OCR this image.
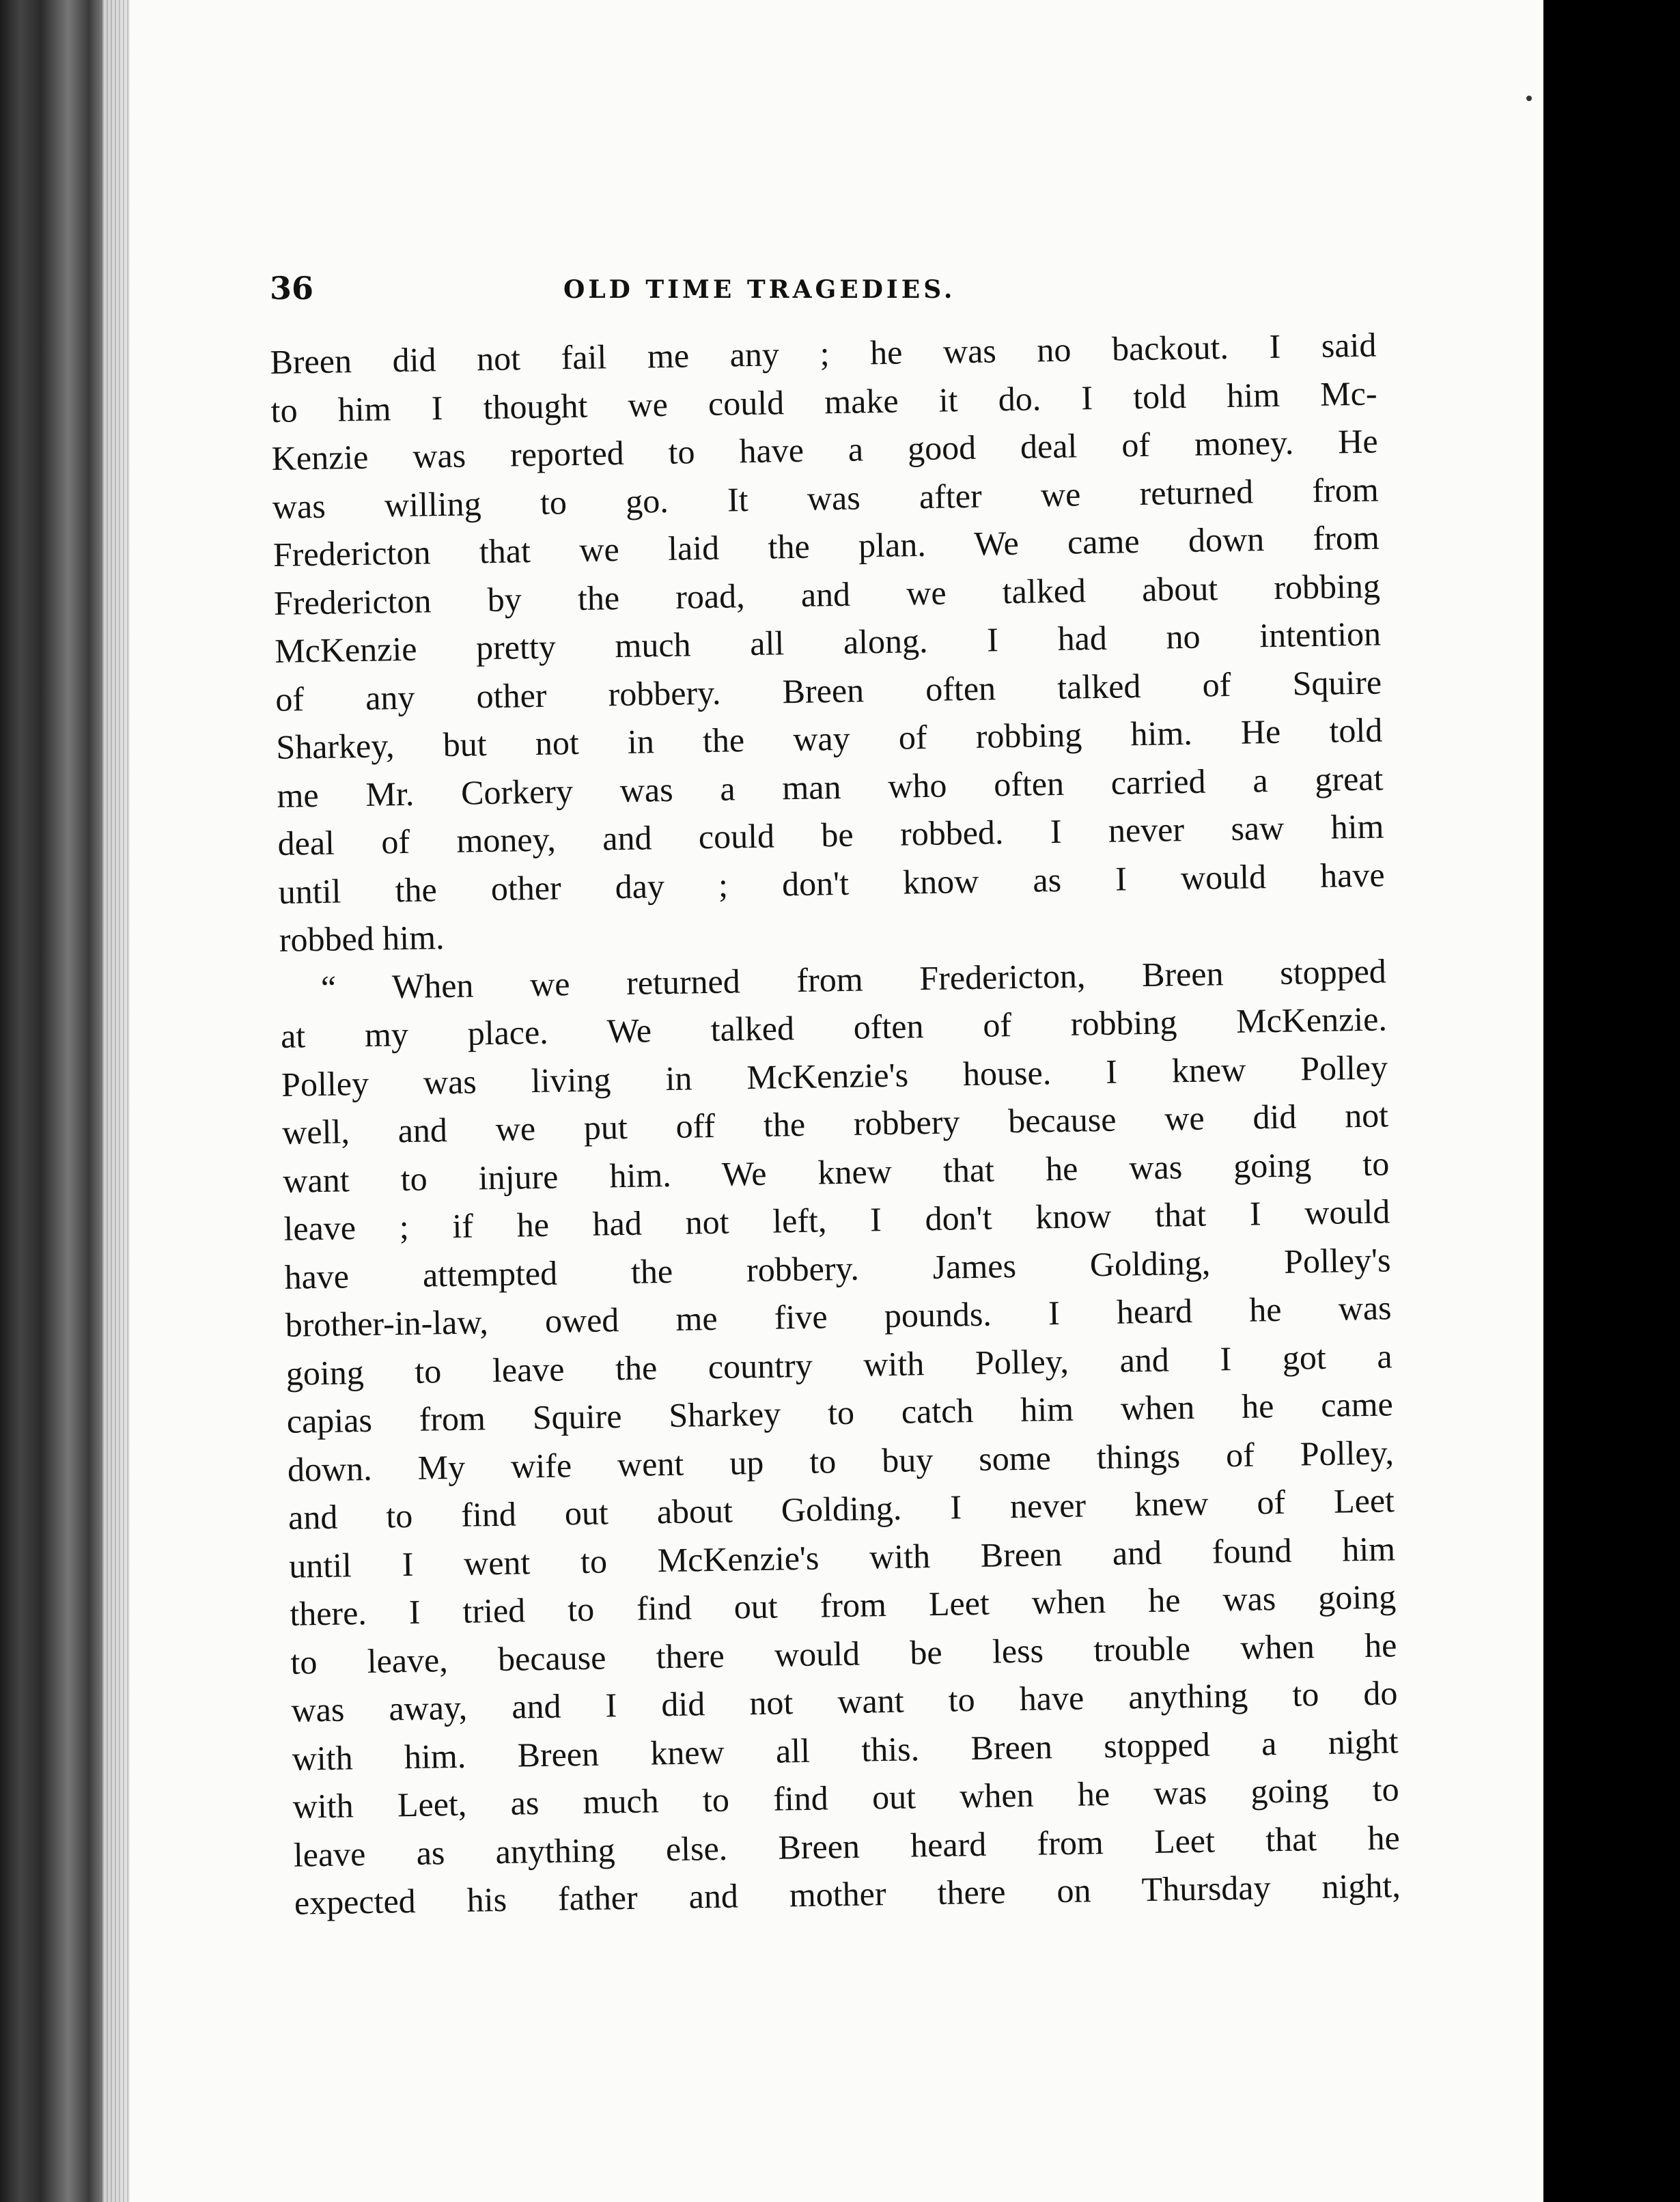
36	OLD TIME TRAGEDIES.
Breen did not fail me any ; he was no backout. I said
to him I thought we could make it do. I told him Mc-
Kenzie was reported to have a good deal of money. He
was willing to go. It was after we returned from
Fredericton that we laid the plan. We came down from
Fredericton by the road, and we talked about robbing
McKenzie pretty much all along. I had no intention
of any other robbery. Breen often talked of Squire
Sharkey, but not in the way of robbing him. He told
me Mr. Corkery was a man who often carried a great
deal of money, and could be robbed. I never saw him
until the other day ; don't know as I would have
robbed him.
“ When we returned from Fredericton, Breen stopped
at my place. We talked often of robbing McKenzie.
Polley was living in McKenzie's house. I knew Polley
well, and we put off the robbery because we did not
want to injure him. We knew that he was going to
leave ; if he had not left, I don't know that I would
have attempted the robbery. James Golding, Polley's
brother-in-law, owed me five pounds. I heard he was
going to leave the country with Polley, and I got a
capias from Squire Sharkey to catch him when he came
down. My wife went up to buy some things of Polley,
and to find out about Golding. I never knew of Leet
until I went to McKenzie's with Breen and found him
there. I tried to find out from Leet when he was going
to leave, because there would be less trouble when he
was away, and I did not want to have anything to do
with him. Breen knew all this. Breen stopped a night
with Leet, as much to find out when he was going to
leave as anything else. Breen heard from Leet that he
expected his father and mother there on Thursday night,
